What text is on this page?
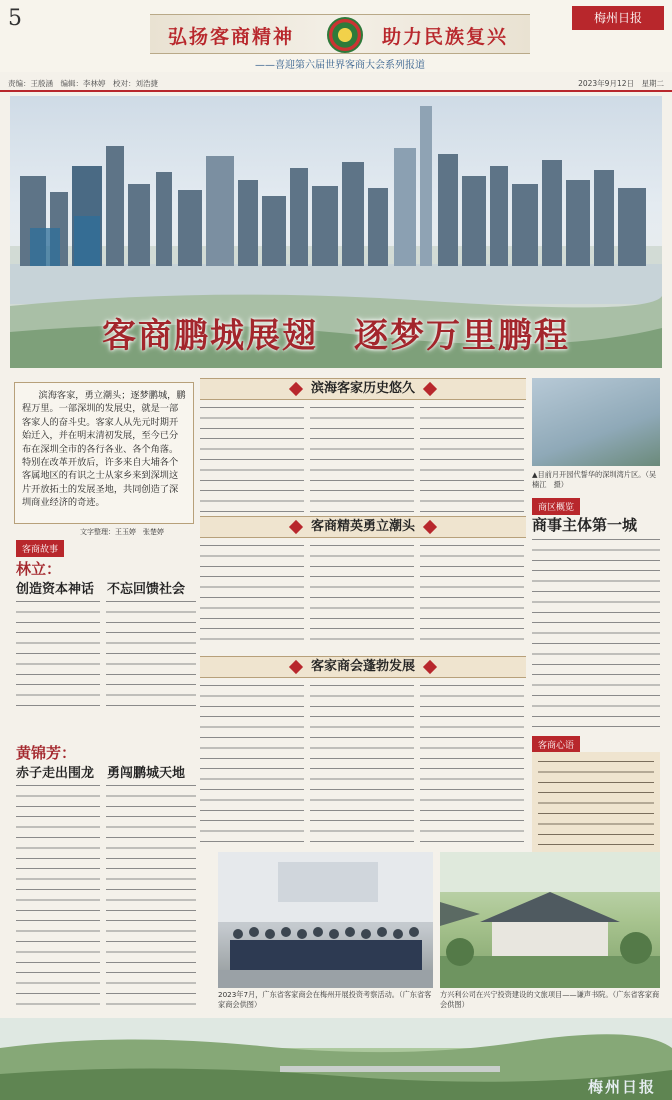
5
弘扬客商精神	助力民族复兴
——喜迎第六届世界客商大会系列报道
梅州日报
责编：王殷涵　编辑：李林婷　校对：刘浩捷	2023年9月12日　星期二
客商鹏城展翅　逐梦万里鹏程
滨海客家历史悠久
滨海客家，勇立潮头；逐梦鹏城，鹏程万里。一部深圳的发展史，就是一部客家人的奋斗史。客家人从先元时期开始迁入，并在明末清初发展，至今已分布在深圳全市的各行各业、各个角落。特别在改革开放后，许多来自大埔各个客属地区的有识之士从家乡来到深圳这片开放拓土的发展圣地，共同创造了深圳商业经济的奇迹。
文字整理：王玉婷　张楚婷
客商故事
林立：
创造资本神话　不忘回馈社会
黄锦芳：
赤子走出围龙　勇闯鹏城天地
客商精英勇立潮头
客家商会蓬勃发展
▲目前月开园代誓华的深圳湾片区。（吴楠江　摄）
商区概览
商事主体第一城
客商心语
2023年7月，广东省客家商会在梅州开展投资考察活动。（广东省客家商会供图）
方兴利公司在兴宁投资建设的文旅项目——谦声书院。（广东省客家商会供图）
梅州日报
